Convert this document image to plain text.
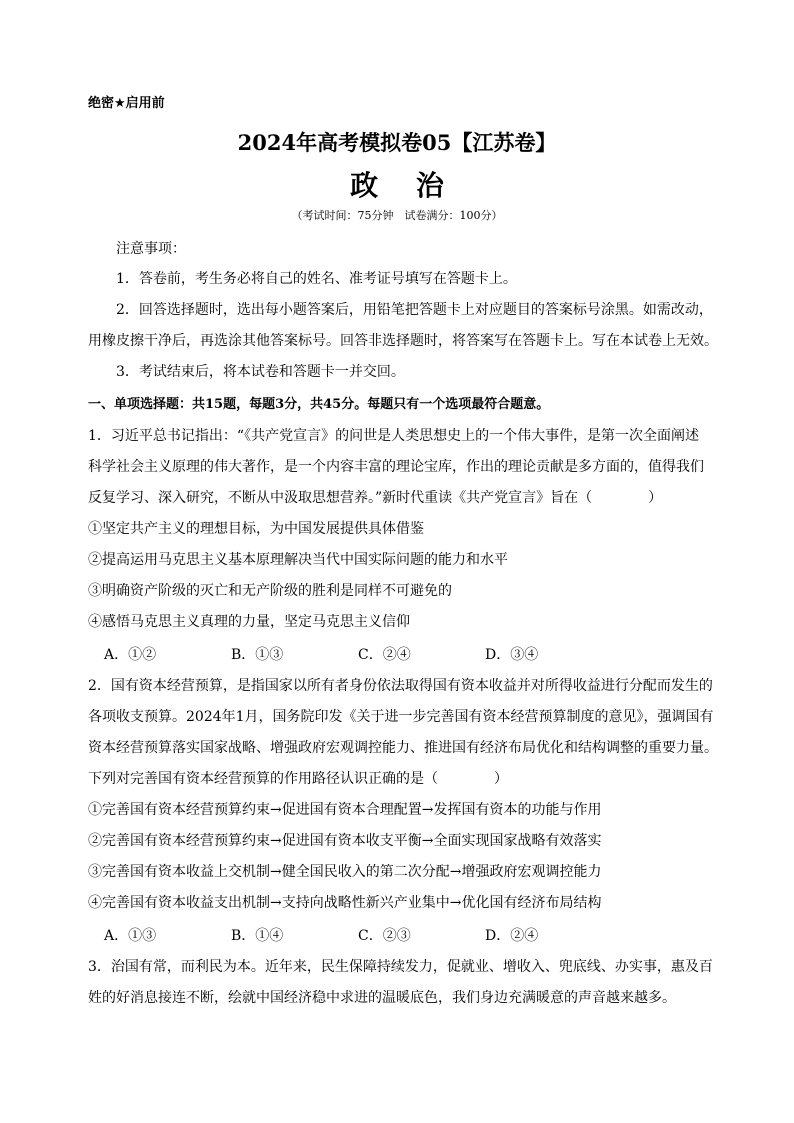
绝密★启用前
2024年高考模拟卷05【江苏卷】
政 治
（考试时间：75分钟　试卷满分：100分）
注意事项：
1．答卷前，考生务必将自己的姓名、准考证号填写在答题卡上。
2．回答选择题时，选出每小题答案后，用铅笔把答题卡上对应题目的答案标号涂黑。如需改动，
用橡皮擦干净后，再选涂其他答案标号。回答非选择题时，将答案写在答题卡上。写在本试卷上无效。
3．考试结束后，将本试卷和答题卡一并交回。
一、单项选择题：共15题，每题3分，共45分。每题只有一个选项最符合题意。
1．习近平总书记指出：“《共产党宣言》的问世是人类思想史上的一个伟大事件，是第一次全面阐述
科学社会主义原理的伟大著作，是一个内容丰富的理论宝库，作出的理论贡献是多方面的，值得我们
反复学习、深入研究，不断从中汲取思想营养。”新时代重读《共产党宣言》旨在（　　　　）
①坚定共产主义的理想目标，为中国发展提供具体借鉴
②提高运用马克思主义基本原理解决当代中国实际问题的能力和水平
③明确资产阶级的灭亡和无产阶级的胜利是同样不可避免的
④感悟马克思主义真理的力量，坚定马克思主义信仰
A．①②	B．①③	C．②④	D．③④
2．国有资本经营预算，是指国家以所有者身份依法取得国有资本收益并对所得收益进行分配而发生的
各项收支预算。2024年1月，国务院印发《关于进一步完善国有资本经营预算制度的意见》，强调国有
资本经营预算落实国家战略、增强政府宏观调控能力、推进国有经济布局优化和结构调整的重要力量。
下列对完善国有资本经营预算的作用路径认识正确的是（　　　　）
①完善国有资本经营预算约束→促进国有资本合理配置→发挥国有资本的功能与作用
②完善国有资本经营预算约束→促进国有资本收支平衡→全面实现国家战略有效落实
③完善国有资本收益上交机制→健全国民收入的第二次分配→增强政府宏观调控能力
④完善国有资本收益支出机制→支持向战略性新兴产业集中→优化国有经济布局结构
A．①③	B．①④	C．②③	D．②④
3．治国有常，而利民为本。近年来，民生保障持续发力，促就业、增收入、兜底线、办实事，惠及百
姓的好消息接连不断，绘就中国经济稳中求进的温暖底色，我们身边充满暖意的声音越来越多。
